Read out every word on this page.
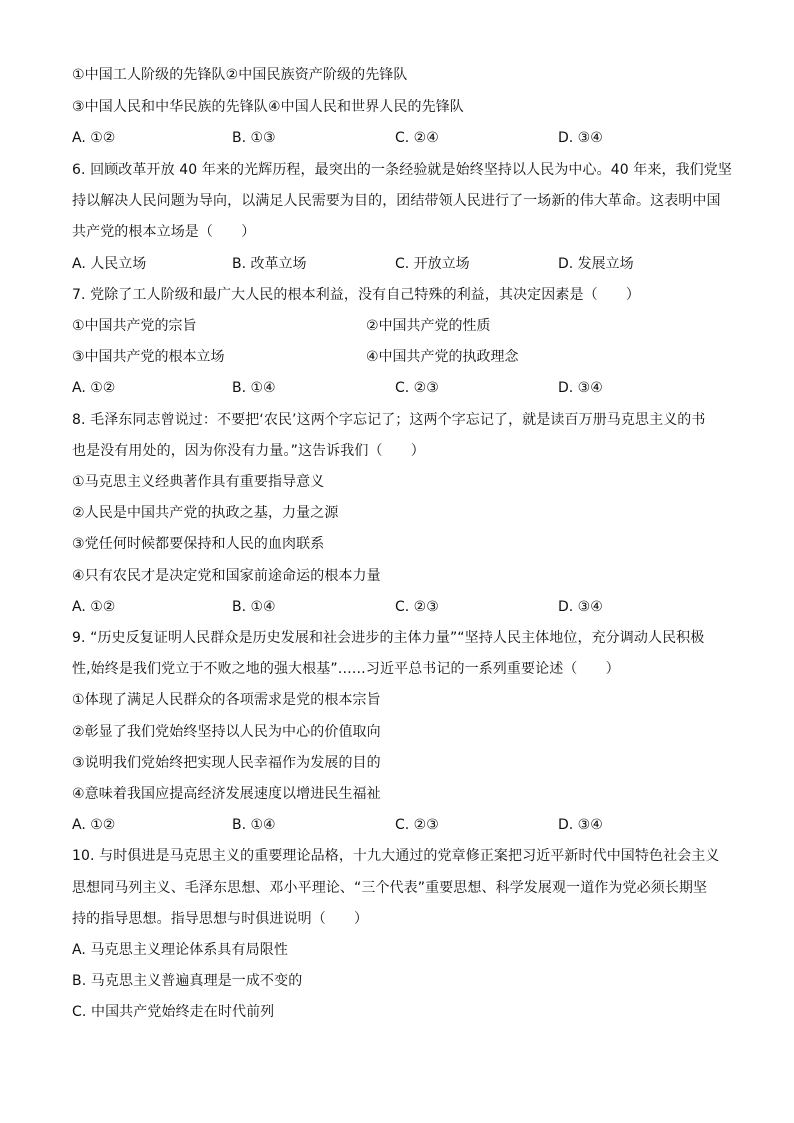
①中国工人阶级的先锋队②中国民族资产阶级的先锋队
③中国人民和中华民族的先锋队④中国人民和世界人民的先锋队
A. ①②	B. ①③	C. ②④	D. ③④
6. 回顾改革开放 40 年来的光辉历程，最突出的一条经验就是始终坚持以人民为中心。40 年来，我们党坚
持以解决人民问题为导向，以满足人民需要为目的，团结带领人民进行了一场新的伟大革命。这表明中国
共产党的根本立场是（　　）
A. 人民立场	B. 改革立场	C. 开放立场	D. 发展立场
7. 党除了工人阶级和最广大人民的根本利益，没有自己特殊的利益，其决定因素是（　　）
①中国共产党的宗旨	②中国共产党的性质
③中国共产党的根本立场	④中国共产党的执政理念
A. ①②	B. ①④	C. ②③	D. ③④
8. 毛泽东同志曾说过：不要把‘农民’这两个字忘记了；这两个字忘记了，就是读百万册马克思主义的书
也是没有用处的，因为你没有力量。”这告诉我们（　　）
①马克思主义经典著作具有重要指导意义
②人民是中国共产党的执政之基，力量之源
③党任何时候都要保持和人民的血肉联系
④只有农民才是决定党和国家前途命运的根本力量
A. ①②	B. ①④	C. ②③	D. ③④
9. “历史反复证明人民群众是历史发展和社会进步的主体力量”“坚持人民主体地位，充分调动人民积极
性,始终是我们党立于不败之地的强大根基”……习近平总书记的一系列重要论述（　　）
①体现了满足人民群众的各项需求是党的根本宗旨
②彰显了我们党始终坚持以人民为中心的价值取向
③说明我们党始终把实现人民幸福作为发展的目的
④意味着我国应提高经济发展速度以增进民生福祉
A. ①②	B. ①④	C. ②③	D. ③④
10. 与时俱进是马克思主义的重要理论品格，十九大通过的党章修正案把习近平新时代中国特色社会主义
思想同马列主义、毛泽东思想、邓小平理论、“三个代表”重要思想、科学发展观一道作为党必须长期坚
持的指导思想。指导思想与时俱进说明（　　）
A. 马克思主义理论体系具有局限性
B. 马克思主义普遍真理是一成不变的
C. 中国共产党始终走在时代前列
